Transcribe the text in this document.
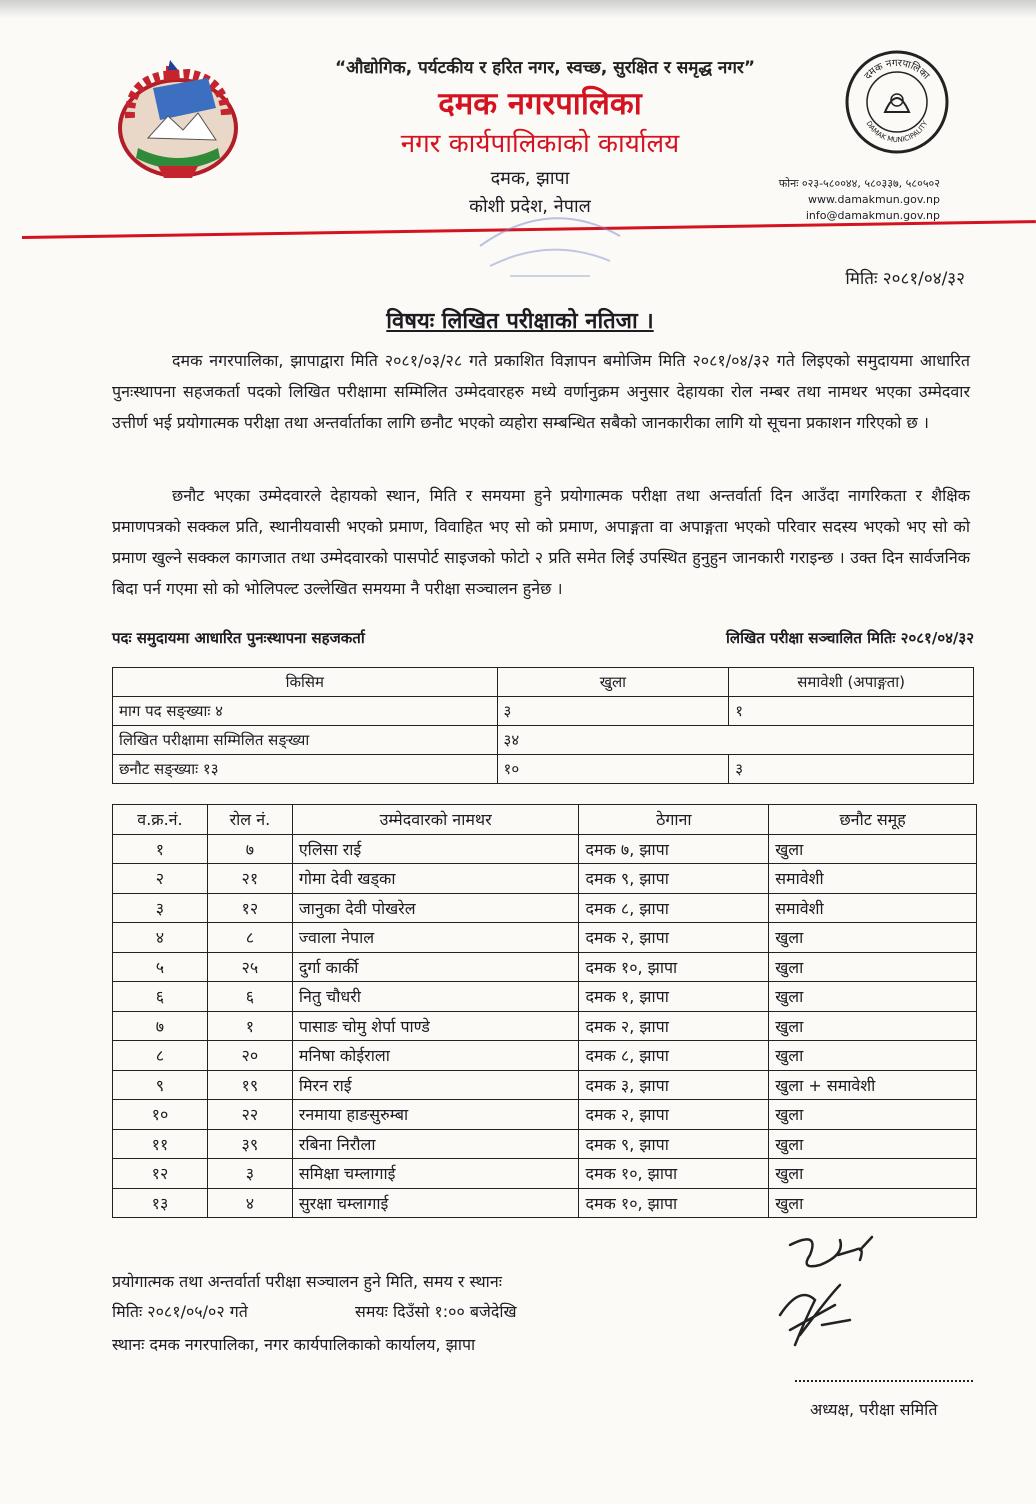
“औद्योगिक, पर्यटकीय र हरित नगर, स्वच्छ, सुरक्षित र समृद्ध नगर”
दमक नगरपालिका
नगर कार्यपालिकाको कार्यालय
दमक, झापा
कोशी प्रदेश, नेपाल
दमक नगरपालिका
DAMAK MUNICIPALITY
फोनः ०२३-५८००४४, ५८०३३७, ५८०५०२
www.damakmun.gov.np
info@damakmun.gov.np
मितिः २०८१/०४/३२
विषयः लिखित परीक्षाको नतिजा ।
दमक नगरपालिका, झापाद्वारा मिति २०८१/०३/२८ गते प्रकाशित विज्ञापन बमोजिम मिति २०८१/०४/३२ गते लिइएको समुदायमा आधारित पुनःस्थापना सहजकर्ता पदको लिखित परीक्षामा सम्मिलित उम्मेदवारहरु मध्ये वर्णानुक्रम अनुसार देहायका रोल नम्बर तथा नामथर भएका उम्मेदवार उत्तीर्ण भई प्रयोगात्मक परीक्षा तथा अन्तर्वार्ताका लागि छनौट भएको व्यहोरा सम्बन्धित सबैको जानकारीका लागि यो सूचना प्रकाशन गरिएको छ ।
छनौट भएका उम्मेदवारले देहायको स्थान, मिति र समयमा हुने प्रयोगात्मक परीक्षा तथा अन्तर्वार्ता दिन आउँदा नागरिकता र शैक्षिक प्रमाणपत्रको सक्कल प्रति, स्थानीयवासी भएको प्रमाण, विवाहित भए सो को प्रमाण, अपाङ्गता वा अपाङ्गता भएको परिवार सदस्य भएको भए सो को प्रमाण खुल्ने सक्कल कागजात तथा उम्मेदवारको पासपोर्ट साइजको फोटो २ प्रति समेत लिई उपस्थित हुनुहुन जानकारी गराइन्छ । उक्त दिन सार्वजनिक बिदा पर्न गएमा सो को भोलिपल्ट उल्लेखित समयमा नै परीक्षा सञ्चालन हुनेछ ।
पदः समुदायमा आधारित पुनःस्थापना सहजकर्ता	लिखित परीक्षा सञ्चालित मितिः २०८१/०४/३२
किसिम	खुला	समावेशी (अपाङ्गता)
माग पद सङ्ख्याः ४	३	१
लिखित परीक्षामा सम्मिलित सङ्ख्या	३४	
छनौट सङ्ख्याः १३	१०	३
व.क्र.नं.	रोल नं.	उम्मेदवारको नामथर	ठेगाना	छनौट समूह
१	७	एलिसा राई	दमक ७, झापा	खुला
२	२१	गोमा देवी खड्का	दमक ९, झापा	समावेशी
३	१२	जानुका देवी पोखरेल	दमक ८, झापा	समावेशी
४	८	ज्वाला नेपाल	दमक २, झापा	खुला
५	२५	दुर्गा कार्की	दमक १०, झापा	खुला
६	६	नितु चौधरी	दमक १, झापा	खुला
७	१	पासाङ चोमु शेर्पा पाण्डे	दमक २, झापा	खुला
८	२०	मनिषा कोईराला	दमक ८, झापा	खुला
९	१९	मिरन राई	दमक ३, झापा	खुला + समावेशी
१०	२२	रनमाया हाङसुरुम्बा	दमक २, झापा	खुला
११	३९	रबिना निरौला	दमक ९, झापा	खुला
१२	३	समिक्षा चम्लागाई	दमक १०, झापा	खुला
१३	४	सुरक्षा चम्लागाई	दमक १०, झापा	खुला
प्रयोगात्मक तथा अन्तर्वार्ता परीक्षा सञ्चालन हुने मिति, समय र स्थानः
मितिः २०८१/०५/०२ गते	समयः दिउँसो १:०० बजेदेखि
स्थानः दमक नगरपालिका, नगर कार्यपालिकाको कार्यालय, झापा
अध्यक्ष, परीक्षा समिति
